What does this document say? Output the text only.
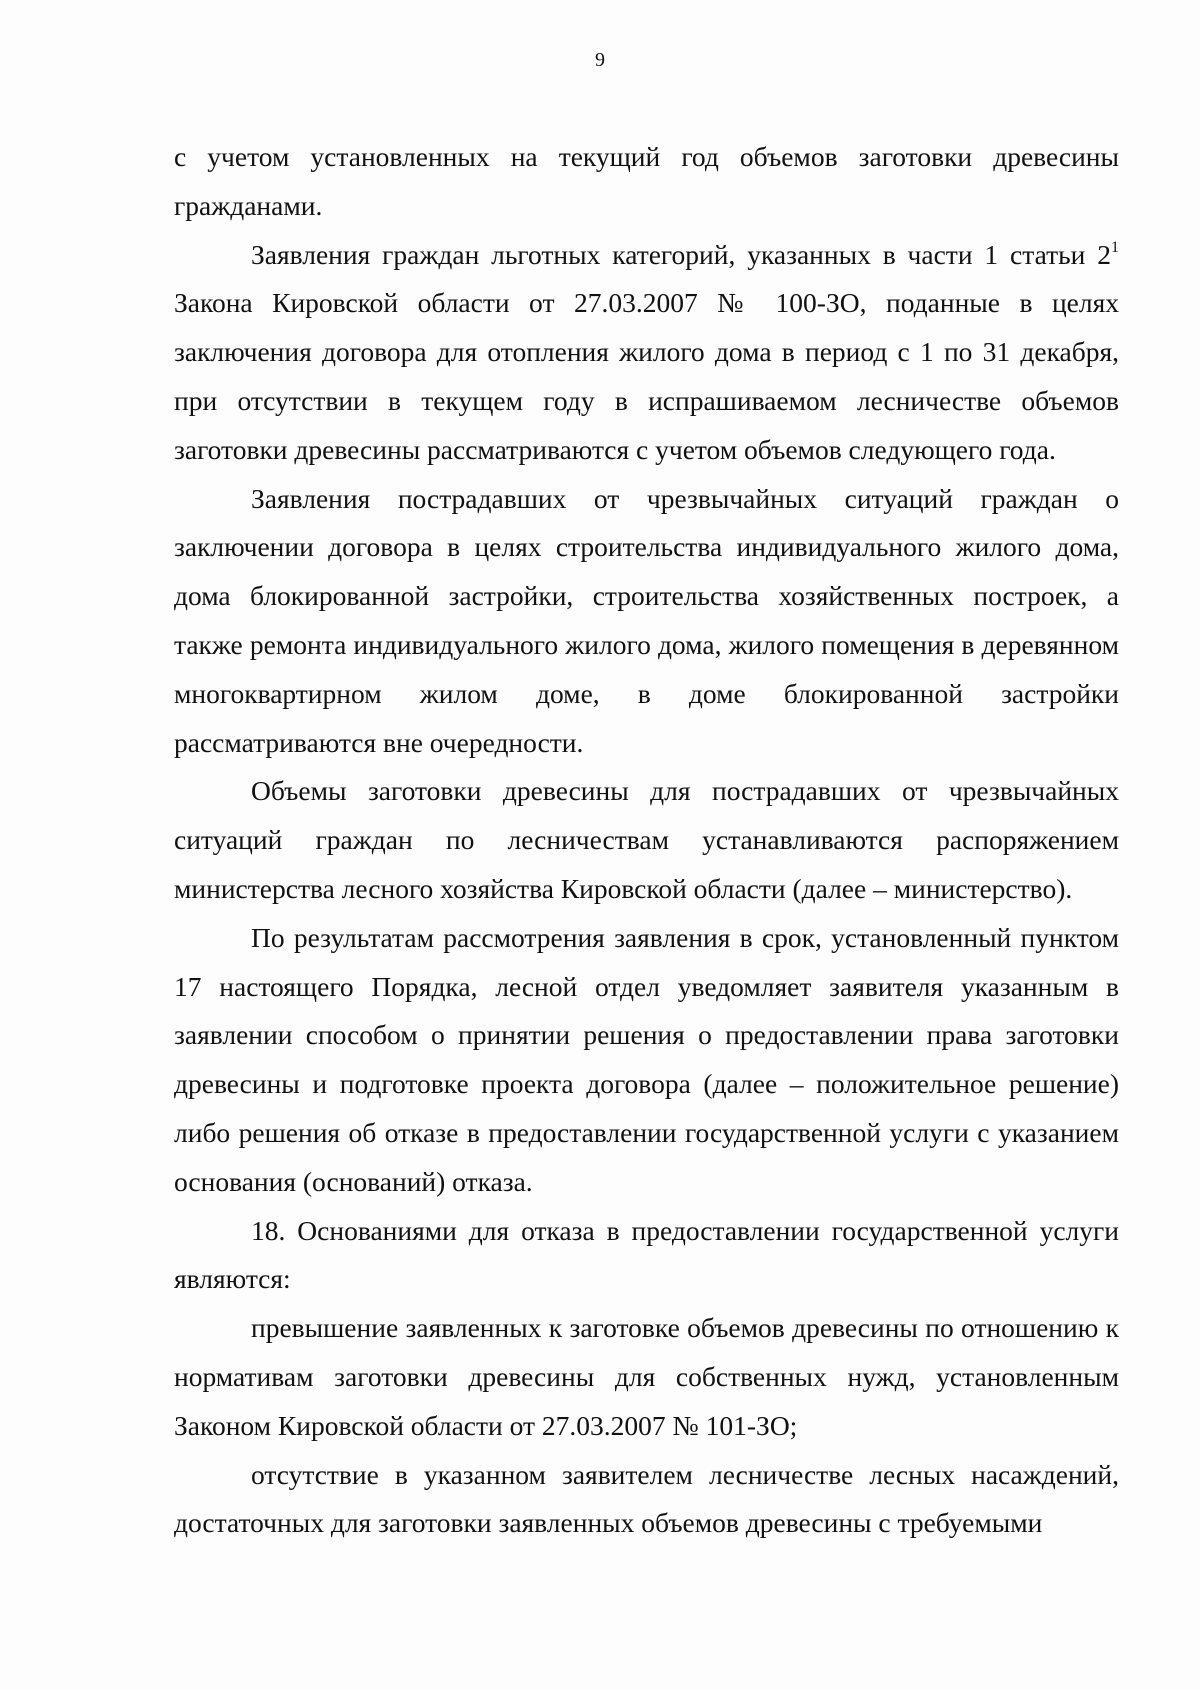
9

с учетом установленных на текущий год объемов заготовки древесины гражданами.

Заявления граждан льготных категорий, указанных в части 1 статьи $2^1$ Закона Кировской области от 27.03.2007 № 100-ЗО, поданные в целях заключения договора для отопления жилого дома в период с 1 по 31 декабря, при отсутствии в текущем году в испрашиваемом лесничестве объемов заготовки древесины рассматриваются с учетом объемов следующего года.

Заявления пострадавших от чрезвычайных ситуаций граждан о заключении договора в целях строительства индивидуального жилого дома, дома блокированной застройки, строительства хозяйственных построек, а также ремонта индивидуального жилого дома, жилого помещения в деревянном многоквартирном жилом доме, в доме блокированной застройки рассматриваются вне очередности.

Объемы заготовки древесины для пострадавших от чрезвычайных ситуаций граждан по лесничествам устанавливаются распоряжением министерства лесного хозяйства Кировской области (далее – министерство).

По результатам рассмотрения заявления в срок, установленный пунктом 17 настоящего Порядка, лесной отдел уведомляет заявителя указанным в заявлении способом о принятии решения о предоставлении права заготовки древесины и подготовке проекта договора (далее – положительное решение) либо решения об отказе в предоставлении государственной услуги с указанием основания (оснований) отказа.

18. Основаниями для отказа в предоставлении государственной услуги являются:

превышение заявленных к заготовке объемов древесины по отношению к нормативам заготовки древесины для собственных нужд, установленным Законом Кировской области от 27.03.2007 № 101-ЗО;

отсутствие в указанном заявителем лесничестве лесных насаждений, достаточных для заготовки заявленных объемов древесины с требуемыми
